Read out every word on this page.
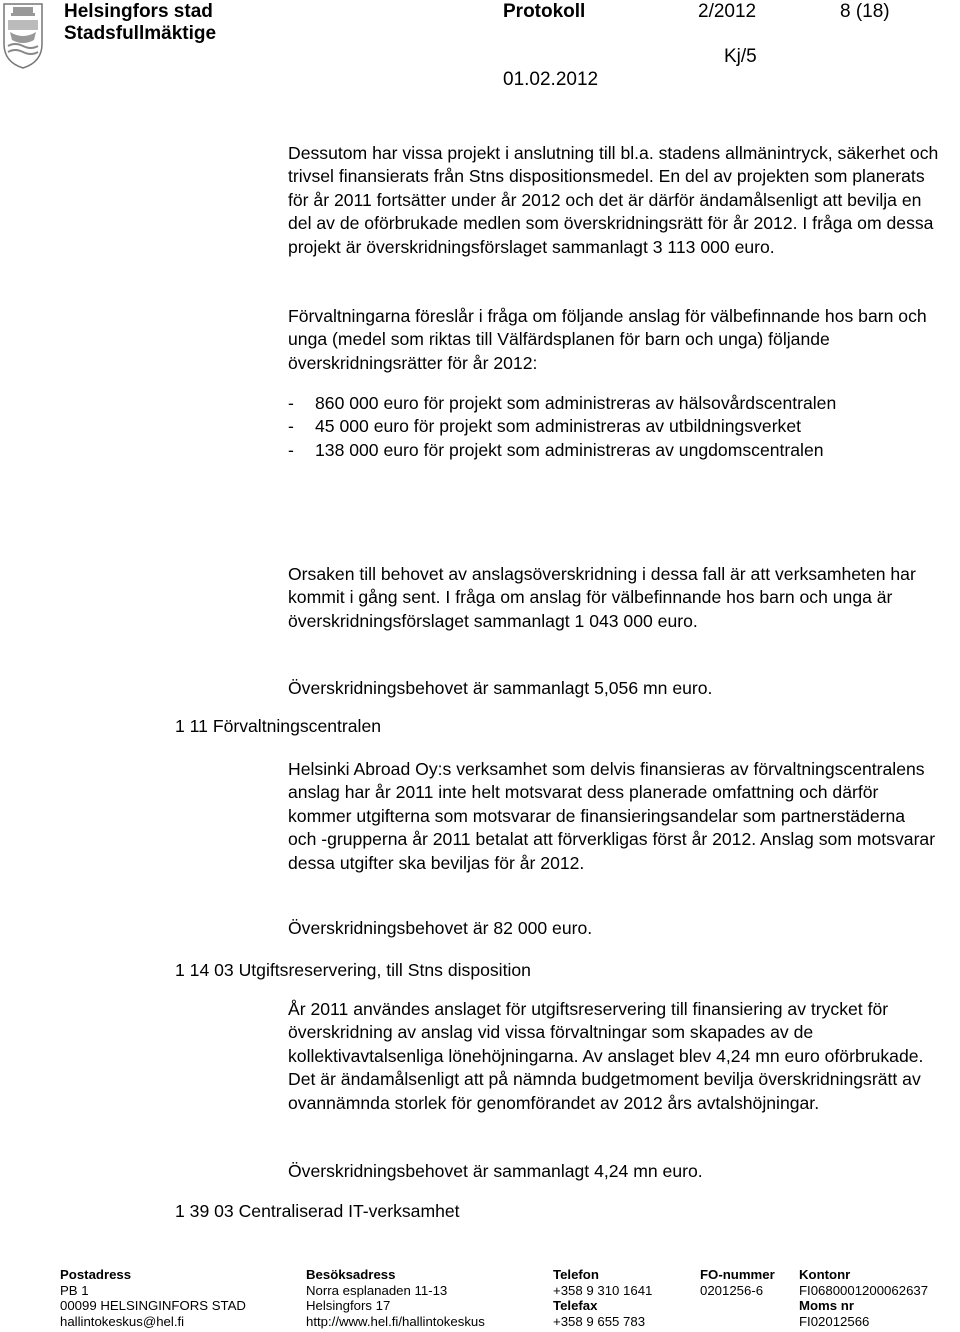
Helsingfors stad
Stadsfullmäktige
Protokoll	2/2012	8 (18)
Kj/5
01.02.2012
Dessutom har vissa projekt i anslutning till bl.a. stadens allmänintryck, säkerhet och trivsel finansierats från Stns dispositionsmedel. En del av projekten som planerats för år 2011 fortsätter under år 2012 och det är därför ändamålsenligt att bevilja en del av de oförbrukade medlen som överskridningsrätt för år 2012. I fråga om dessa projekt är överskridningsförslaget sammanlagt 3 113 000 euro.
Förvaltningarna föreslår i fråga om följande anslag för välbefinnande hos barn och unga (medel som riktas till Välfärdsplanen för barn och unga) följande överskridningsrätter för år 2012:
- 860 000 euro för projekt som administreras av hälsovårdscentralen
- 45 000 euro för projekt som administreras av utbildningsverket
- 138 000 euro för projekt som administreras av ungdomscentralen
Orsaken till behovet av anslagsöverskridning i dessa fall är att verksamheten har kommit i gång sent. I fråga om anslag för välbefinnande hos barn och unga är överskridningsförslaget sammanlagt 1 043 000 euro.
Överskridningsbehovet är sammanlagt 5,056 mn euro.
1 11 Förvaltningscentralen
Helsinki Abroad Oy:s verksamhet som delvis finansieras av förvaltningscentralens anslag har år 2011 inte helt motsvarat dess planerade omfattning och därför kommer utgifterna som motsvarar de finansieringsandelar som partnerstäderna och -grupperna år 2011 betalat att förverkligas först år 2012. Anslag som motsvarar dessa utgifter ska beviljas för år 2012.
Överskridningsbehovet är 82 000 euro.
1 14 03 Utgiftsreservering, till Stns disposition
År 2011 användes anslaget för utgiftsreservering till finansiering av trycket för överskridning av anslag vid vissa förvaltningar som skapades av de kollektivavtalsenliga lönehöjningarna. Av anslaget blev 4,24 mn euro oförbrukade. Det är ändamålsenligt att på nämnda budgetmoment bevilja överskridningsrätt av ovannämnda storlek för genomförandet av 2012 års avtalshöjningar.
Överskridningsbehovet är sammanlagt 4,24 mn euro.
1 39 03 Centraliserad IT-verksamhet
Postadress
PB 1
00099 HELSINGINFORS STAD
hallintokeskus@hel.fi
Besöksadress
Norra esplanaden 11-13
Helsingfors 17
http://www.hel.fi/hallintokeskus
Telefon
+358 9 310 1641
Telefax
+358 9 655 783
FO-nummer
0201256-6
Kontonr
FI0680001200062637
Moms nr
FI02012566
